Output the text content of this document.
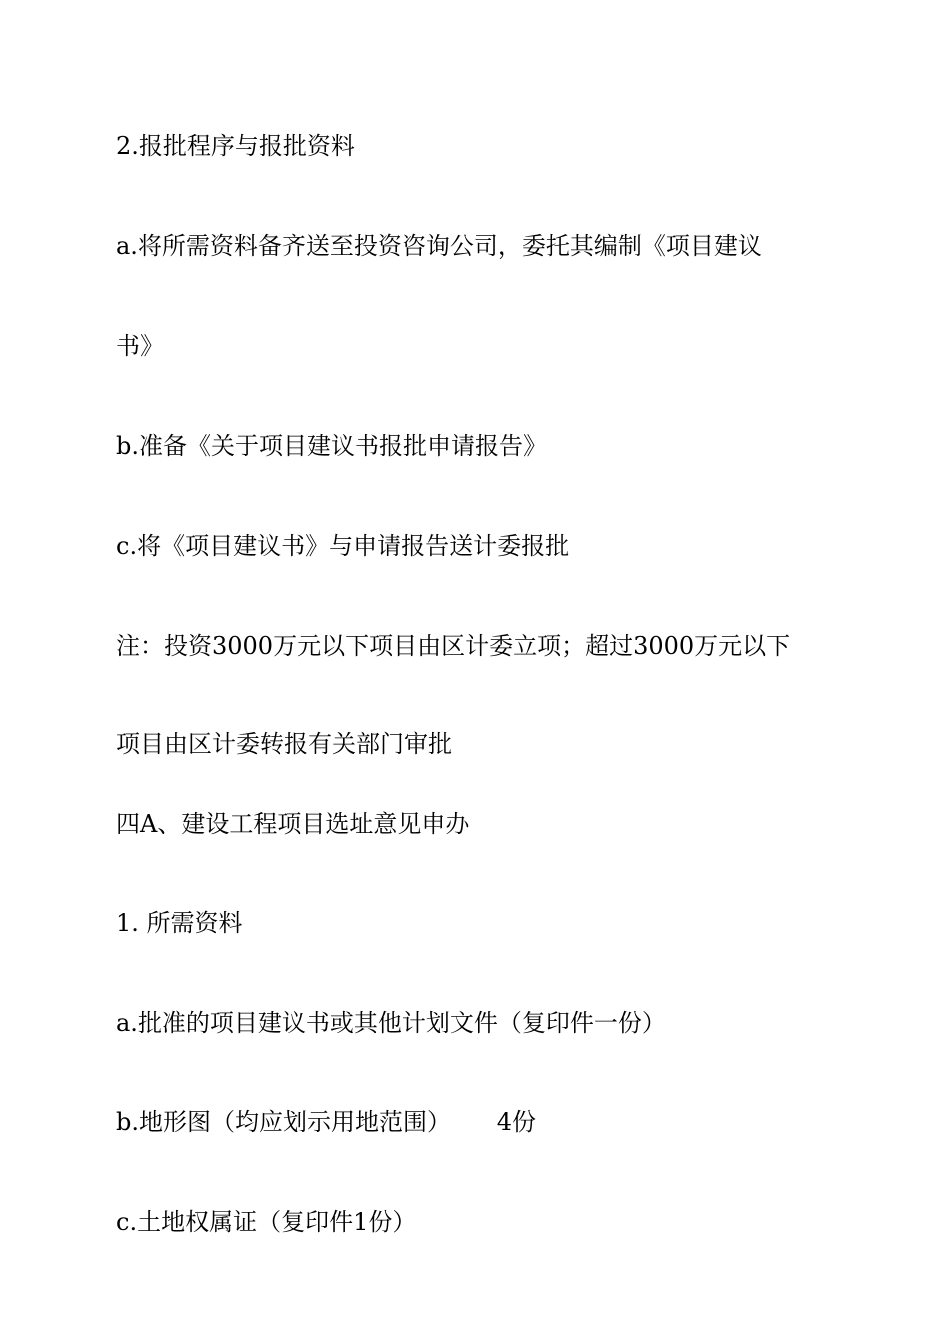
2.报批程序与报批资料
a.将所需资料备齐送至投资咨询公司，委托其编制《项目建议
书》
b.准备《关于项目建议书报批申请报告》
c.将《项目建议书》与申请报告送计委报批
注：投资3000万元以下项目由区计委立项；超过3000万元以下
项目由区计委转报有关部门审批
四A、建设工程项目选址意见申办
1. 所需资料
a.批准的项目建议书或其他计划文件（复印件一份）
b.地形图（均应划示用地范围）      4份
c.土地权属证（复印件1份）
